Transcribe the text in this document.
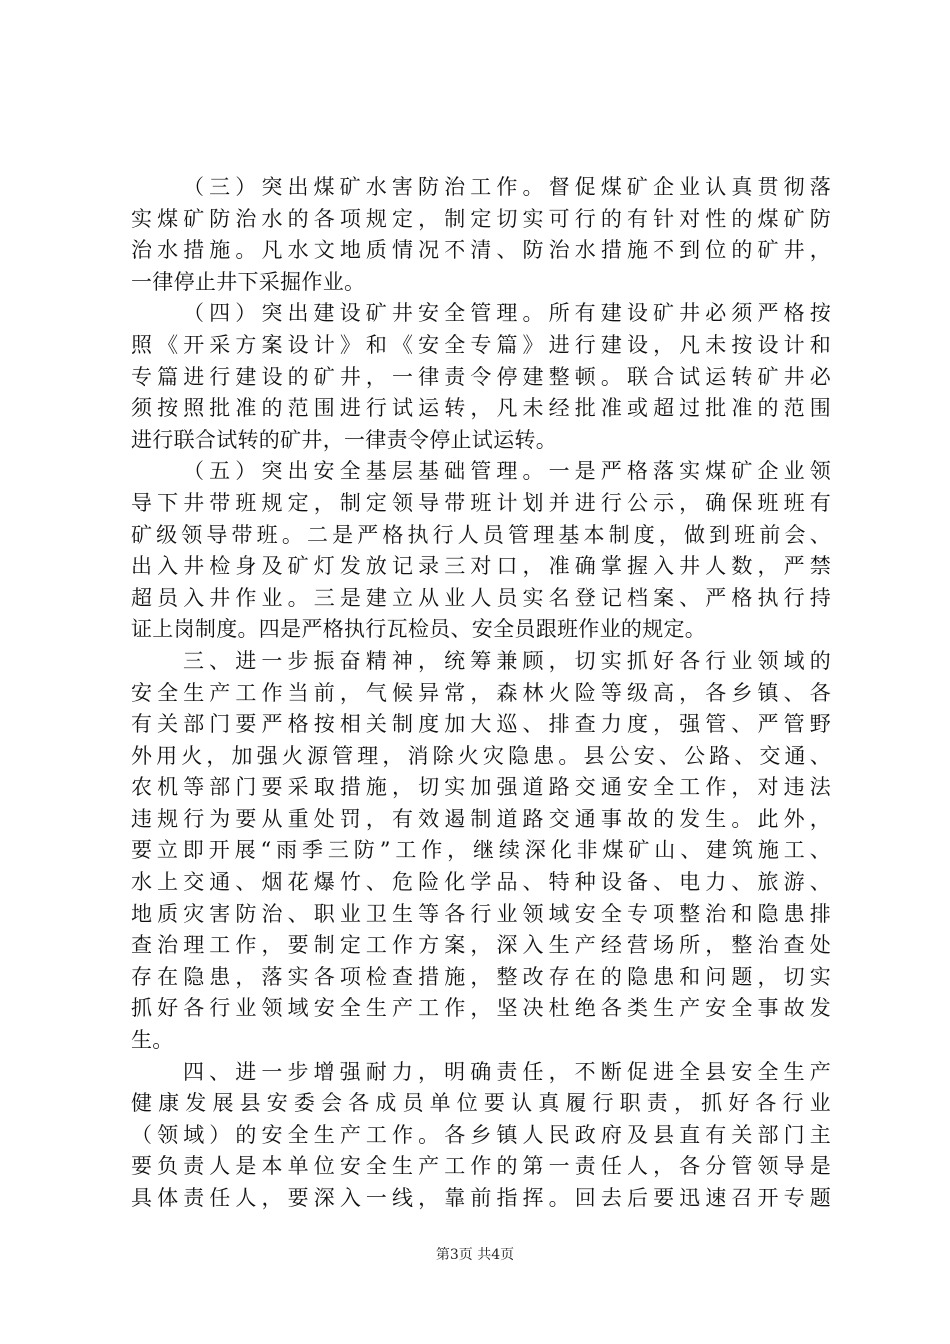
（三）突出煤矿水害防治工作。督促煤矿企业认真贯彻落
实煤矿防治水的各项规定，制定切实可行的有针对性的煤矿防
治水措施。凡水文地质情况不清、防治水措施不到位的矿井，
一律停止井下采掘作业。
（四）突出建设矿井安全管理。所有建设矿井必须严格按
照《开采方案设计》和《安全专篇》进行建设，凡未按设计和
专篇进行建设的矿井，一律责令停建整顿。联合试运转矿井必
须按照批准的范围进行试运转，凡未经批准或超过批准的范围
进行联合试转的矿井，一律责令停止试运转。
（五）突出安全基层基础管理。一是严格落实煤矿企业领
导下井带班规定，制定领导带班计划并进行公示，确保班班有
矿级领导带班。二是严格执行人员管理基本制度，做到班前会、
出入井检身及矿灯发放记录三对口，准确掌握入井人数，严禁
超员入井作业。三是建立从业人员实名登记档案、严格执行持
证上岗制度。四是严格执行瓦检员、安全员跟班作业的规定。
三、进一步振奋精神，统筹兼顾，切实抓好各行业领域的
安全生产工作当前，气候异常，森林火险等级高，各乡镇、各
有关部门要严格按相关制度加大巡、排查力度，强管、严管野
外用火，加强火源管理，消除火灾隐患。县公安、公路、交通、
农机等部门要采取措施，切实加强道路交通安全工作，对违法
违规行为要从重处罚，有效遏制道路交通事故的发生。此外，
要立即开展“雨季三防”工作，继续深化非煤矿山、建筑施工、
水上交通、烟花爆竹、危险化学品、特种设备、电力、旅游、
地质灾害防治、职业卫生等各行业领域安全专项整治和隐患排
查治理工作，要制定工作方案，深入生产经营场所，整治查处
存在隐患，落实各项检查措施，整改存在的隐患和问题，切实
抓好各行业领域安全生产工作，坚决杜绝各类生产安全事故发
生。
四、进一步增强耐力，明确责任，不断促进全县安全生产
健康发展县安委会各成员单位要认真履行职责，抓好各行业
（领域）的安全生产工作。各乡镇人民政府及县直有关部门主
要负责人是本单位安全生产工作的第一责任人，各分管领导是
具体责任人，要深入一线，靠前指挥。回去后要迅速召开专题
第3页 共4页
